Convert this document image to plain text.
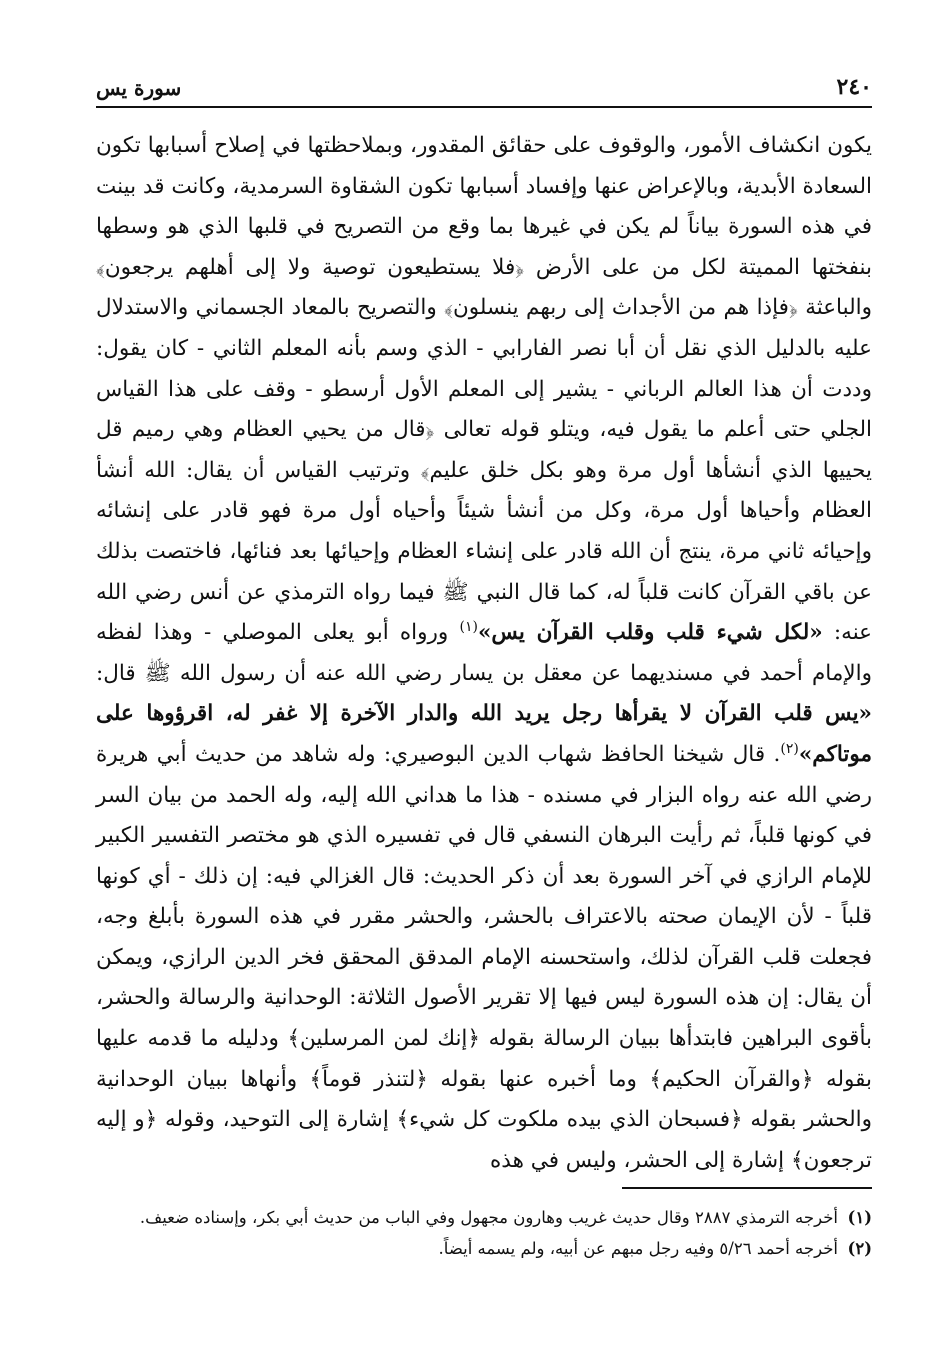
٢٤٠
سورة يس

يكون انكشاف الأمور، والوقوف على حقائق المقدور، وبملاحظتها في إصلاح أسبابها تكون السعادة الأبدية، وبالإعراض عنها وإفساد أسبابها تكون الشقاوة السرمدية، وكانت قد بينت في هذه السورة بياناً لم يكن في غيرها بما وقع من التصريح في قلبها الذي هو وسطها بنفختها المميتة لكل من على الأرض ﴿فلا يستطيعون توصية ولا إلى أهلهم يرجعون﴾ والباعثة ﴿فإذا هم من الأجداث إلى ربهم ينسلون﴾ والتصريح بالمعاد الجسماني والاستدلال عليه بالدليل الذي نقل أن أبا نصر الفارابي - الذي وسم بأنه المعلم الثاني - كان يقول: وددت أن هذا العالم الرباني - يشير إلى المعلم الأول أرسطو - وقف على هذا القياس الجلي حتى أعلم ما يقول فيه، ويتلو قوله تعالى ﴿قال من يحيي العظام وهي رميم قل يحييها الذي أنشأها أول مرة وهو بكل خلق عليم﴾ وترتيب القياس أن يقال: الله أنشأ العظام وأحياها أول مرة، وكل من أنشأ شيئاً وأحياه أول مرة فهو قادر على إنشائه وإحيائه ثاني مرة، ينتج أن الله قادر على إنشاء العظام وإحيائها بعد فنائها، فاختصت بذلك عن باقي القرآن كانت قلباً له، كما قال النبي ﷺ فيما رواه الترمذي عن أنس رضي الله عنه: «لكل شيء قلب وقلب القرآن يس»$^{(١)}$ ورواه أبو يعلى الموصلي - وهذا لفظه والإمام أحمد في مسنديهما عن معقل بن يسار رضي الله عنه أن رسول الله ﷺ قال: «يس قلب القرآن لا يقرأها رجل يريد الله والدار الآخرة إلا غفر له، اقرؤوها على موتاكم»$^{(٢)}$. قال شيخنا الحافظ شهاب الدين البوصيري: وله شاهد من حديث أبي هريرة رضي الله عنه رواه البزار في مسنده - هذا ما هداني الله إليه، وله الحمد من بيان السر في كونها قلباً، ثم رأيت البرهان النسفي قال في تفسيره الذي هو مختصر التفسير الكبير للإمام الرازي في آخر السورة بعد أن ذكر الحديث: قال الغزالي فيه: إن ذلك - أي كونها قلباً - لأن الإيمان صحته بالاعتراف بالحشر، والحشر مقرر في هذه السورة بأبلغ وجه، فجعلت قلب القرآن لذلك، واستحسنه الإمام المدقق المحقق فخر الدين الرازي، ويمكن أن يقال: إن هذه السورة ليس فيها إلا تقرير الأصول الثلاثة: الوحدانية والرسالة والحشر، بأقوى البراهين فابتدأها ببيان الرسالة بقوله ﴿إنك لمن المرسلين﴾ ودليله ما قدمه عليها بقوله ﴿والقرآن الحكيم﴾ وما أخبره عنها بقوله ﴿لتنذر قوماً﴾ وأنهاها ببيان الوحدانية والحشر بقوله ﴿فسبحان الذي بيده ملكوت كل شيء﴾ إشارة إلى التوحيد، وقوله ﴿و إليه ترجعون﴾ إشارة إلى الحشر، وليس في هذه

(١)
أخرجه الترمذي ٢٨٨٧ وقال حديث غريب وهارون مجهول وفي الباب من حديث أبي بكر، وإسناده ضعيف.
(٢)
أخرجه أحمد ٥/٢٦ وفيه رجل مبهم عن أبيه، ولم يسمه أيضاً.
